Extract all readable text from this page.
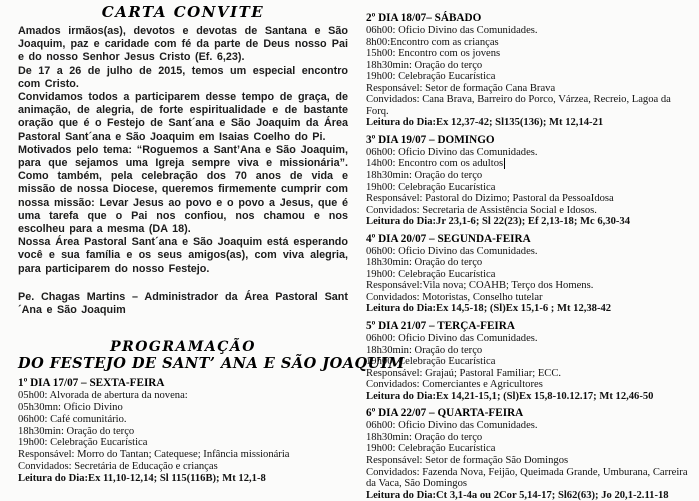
CARTA CONVITE

Amados irmãos(as), devotos e devotas de Santana e São Joaquim, paz e caridade com fé da parte de Deus nosso Pai e do nosso Senhor Jesus Cristo (Ef. 6,23).

De 17 a 26 de julho de 2015, temos um especial encontro com Cristo.

Convidamos todos a participarem desse tempo de graça, de animação, de alegria, de forte espiritualidade e de bastante oração que é o Festejo de Sant´ana e São Joaquim da Área Pastoral Sant´ana e São Joaquim em Isaias Coelho do Pi.

Motivados pelo tema: “Roguemos a Sant’Ana e São Joaquim, para que sejamos uma Igreja sempre viva e missionária”. Como também, pela celebração dos 70 anos de vida e missão de nossa Diocese, queremos firmemente cumprir com nossa missão: Levar Jesus ao povo e o povo a Jesus, que é uma tarefa que o Pai nos confiou, nos chamou e nos escolheu para a mesma (DA 18).

Nossa Área Pastoral Sant´ana e São Joaquim está esperando você e sua família e os seus amigos(as), com viva alegria, para participarem do nosso Festejo.

Pe. Chagas Martins – Administrador da Área Pastoral Sant´Ana e São Joaquim

PROGRAMAÇÃO
DO FESTEJO DE SANT’ ANA E SÃO JOAQUIM
1º DIA 17/07 – SEXTA-FEIRA
05h00: Alvorada de abertura da novena:
05h30mn: Oficio Divino
06h00: Café comunitário.
18h30min: Oração do terço
19h00: Celebração Eucarística
Responsável: Morro do Tantan; Catequese; Infância missionária
Convidados: Secretária de Educação e crianças
Leitura do Dia:Ex 11,10-12,14; Sl 115(116B); Mt 12,1-8
2º DIA 18/07– SÁBADO
06h00: Oficio Divino das Comunidades.
8h00:Encontro com as crianças
15h00: Encontro com os jovens
18h30min: Oração do terço
19h00: Celebração Eucarística
Responsável: Setor de formação Cana Brava
Convidados: Cana Brava, Barreiro do Porco, Várzea, Recreio, Lagoa da Forq.
Leitura do Dia:Ex 12,37-42; Sl135(136); Mt 12,14-21
3º DIA 19/07 – DOMINGO
06h00: Oficio Divino das Comunidades.
14h00: Encontro com os adultos
18h30min: Oração do terço
19h00: Celebração Eucarística
Responsável: Pastoral do Dizimo; Pastoral da PessoaIdosa
Convidados: Secretaria de Assistência Social e Idosos.
Leitura do Dia:Jr 23,1-6; Sl 22(23); Ef 2,13-18; Mc 6,30-34
4º DIA 20/07 – SEGUNDA-FEIRA
06h00: Oficio Divino das Comunidades.
18h30min: Oração do terço
19h00: Celebração Eucarística
Responsável:Vila nova; COAHB; Terço dos Homens.
Convidados: Motoristas, Conselho tutelar
Leitura do Dia:Ex 14,5-18; (Sl)Ex 15,1-6 ; Mt 12,38-42
5º DIA 21/07 – TERÇA-FEIRA
06h00: Oficio Divino das Comunidades.
18h30min: Oração do terço
19h00: Celebração Eucarística
Responsável: Grajaú; Pastoral Familiar; ECC.
Convidados: Comerciantes e Agricultores
Leitura do Dia:Ex 14,21-15,1; (Sl)Ex 15,8-10.12.17; Mt 12,46-50
6º DIA 22/07 – QUARTA-FEIRA
06h00: Oficio Divino das Comunidades.
18h30min: Oração do terço
19h00: Celebração Eucarística
Responsável: Setor de formação São Domingos
Convidados: Fazenda Nova, Feijão, Queimada Grande, Umburana, Carreira da Vaca, São Domingos
Leitura do Dia:Ct 3,1-4a ou 2Cor 5,14-17; Sl62(63); Jo 20,1-2.11-18
